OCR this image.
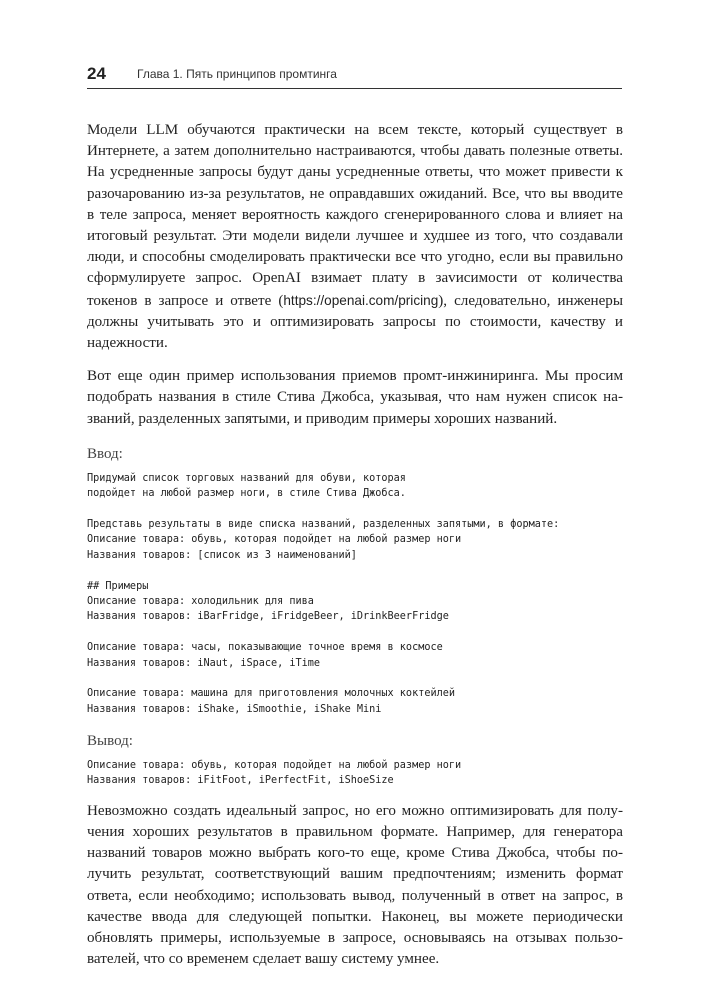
24	Глава 1. Пять принципов промтинга

Модели LLM обучаются практически на всем тексте, который существует в Интернете, а затем дополнительно настраиваются, чтобы давать полезные ответы. На усредненные запросы будут даны усредненные ответы, что может привести к разочарованию из-за результатов, не оправдавших ожиданий. Все, что вы вводите в теле запроса, меняет вероятность каждого сгенерированного слова и влияет на итоговый результат. Эти модели видели лучшее и худшее из того, что создавали люди, и способны смоделировать практически все что угодно, если вы правильно сформулируете запрос. OpenAI взимает плату в заvисимости от количества токенов в запросе и ответе (https://openai.com/pricing), следовательно, инженеры должны учитывать это и оптимизировать запросы по стоимости, качеству и надежности.

Вот еще один пример использования приемов промт-инжиниринга. Мы просим подобрать названия в стиле Стива Джобса, указывая, что нам нужен список названий, разделенных запятыми, и приводим примеры хороших названий.

Ввод:
Придумай список торговых названий для обуви, которая
подойдет на любой размер ноги, в стиле Стива Джобса.
Представь результаты в виде списка названий, разделенных запятыми, в формате:
Описание товара: обувь, которая подойдет на любой размер ноги
Названия товаров: [список из 3 наименований]
## Примеры
Описание товара: холодильник для пива
Названия товаров: iBarFridge, iFridgeBeer, iDrinkBeerFridge
Описание товара: часы, показывающие точное время в космосе
Названия товаров: iNaut, iSpace, iTime
Описание товара: машина для приготовления молочных коктейлей
Названия товаров: iShake, iSmoothie, iShake Mini
Вывод:
Описание товара: обувь, которая подойдет на любой размер ноги
Названия товаров: iFitFoot, iPerfectFit, iShoeSize

Невозможно создать идеальный запрос, но его можно оптимизировать для получения хороших результатов в правильном формате. Например, для генератора названий товаров можно выбрать кого-то еще, кроме Стива Джобса, чтобы получить результат, соответствующий вашим предпочтениям; изменить формат ответа, если необходимо; использовать вывод, полученный в ответ на запрос, в качестве ввода для следующей попытки. Наконец, вы можете периодически обновлять примеры, используемые в запросе, основываясь на отзывах пользователей, что со временем сделает вашу систему умнее.
